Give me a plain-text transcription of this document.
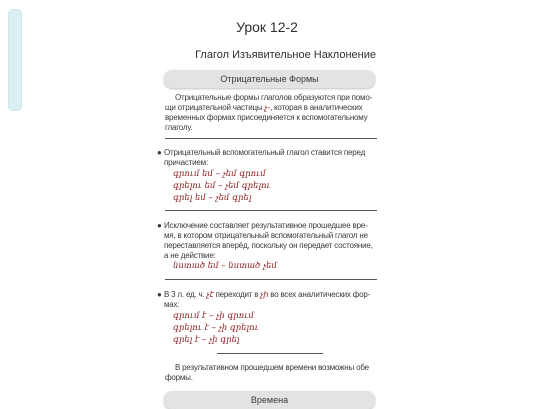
Урок 12-2
Глагол Изъявительное Наклонение
Отрицательные Формы
Отрицательные формы глаголов образуются при помо-щи отрицательной частицы չ-, которая в аналитических временных формах присоединяется к вспомогательному глаголу.
● Отрицательный вспомогательный глагол ставится перед причастием:
գրում եմ – չեմ գրում
գրելու եմ – չեմ գրելու
գրել եմ – չեմ գրել
● Исключение составляет результативное прошедшее вре-мя, в котором отрицательный вспомогательный глагол не переставляется вперёд, поскольку он передает состояние, а не действие:
նստած եմ – նստած չեմ
● В 3 л. ед. ч. չէ переходит в չի во всех аналитических фор-мах:
գրում է – չի գրում
գրելու է – չի գրելու
գրել է – չի գրել
В результативном прошедшем времени возможны обе формы.
Времена
